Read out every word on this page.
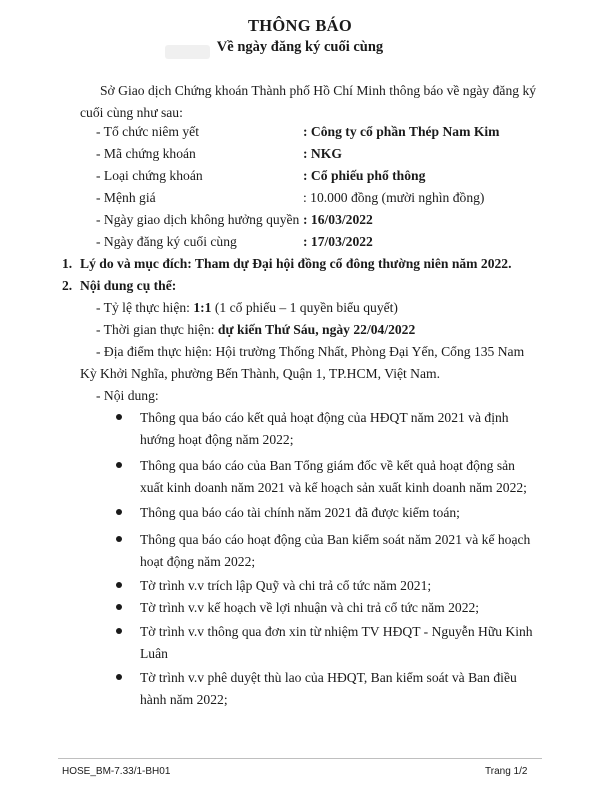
THÔNG BÁO
Về ngày đăng ký cuối cùng
Sở Giao dịch Chứng khoán Thành phố Hồ Chí Minh thông báo về ngày đăng ký cuối cùng như sau:
- Tổ chức niêm yết	: Công ty cổ phần Thép Nam Kim
- Mã chứng khoán	: NKG
- Loại chứng khoán	: Cổ phiếu phổ thông
- Mệnh giá	: 10.000 đồng (mười nghìn đồng)
- Ngày giao dịch không hưởng quyền : 16/03/2022
- Ngày đăng ký cuối cùng	: 17/03/2022
1. Lý do và mục đích: Tham dự Đại hội đồng cổ đông thường niên năm 2022.
2. Nội dung cụ thể:
- Tỷ lệ thực hiện: 1:1 (1 cổ phiếu – 1 quyền biểu quyết)
- Thời gian thực hiện: dự kiến Thứ Sáu, ngày 22/04/2022
- Địa điểm thực hiện: Hội trường Thống Nhất, Phòng Đại Yến, Cổng 135 Nam
Kỳ Khởi Nghĩa, phường Bến Thành, Quận 1, TP.HCM, Việt Nam.
- Nội dung:
Thông qua báo cáo kết quả hoạt động của HĐQT năm 2021 và định
hướng hoạt động năm 2022;
Thông qua báo cáo của Ban Tổng giám đốc về kết quả hoạt động sản
xuất kinh doanh năm 2021 và kế hoạch sản xuất kinh doanh năm 2022;
Thông qua báo cáo tài chính năm 2021 đã được kiểm toán;
Thông qua báo cáo hoạt động của Ban kiểm soát năm 2021 và kế hoạch
hoạt động năm 2022;
Tờ trình v.v trích lập Quỹ và chi trả cổ tức năm 2021;
Tờ trình v.v kế hoạch về lợi nhuận và chi trả cổ tức năm 2022;
Tờ trình v.v thông qua đơn xin từ nhiệm TV HĐQT - Nguyễn Hữu Kinh
Luân
Tờ trình v.v phê duyệt thù lao của HĐQT, Ban kiểm soát và Ban điều
hành năm 2022;
HOSE_BM-7.33/1-BH01	Trang 1/2
